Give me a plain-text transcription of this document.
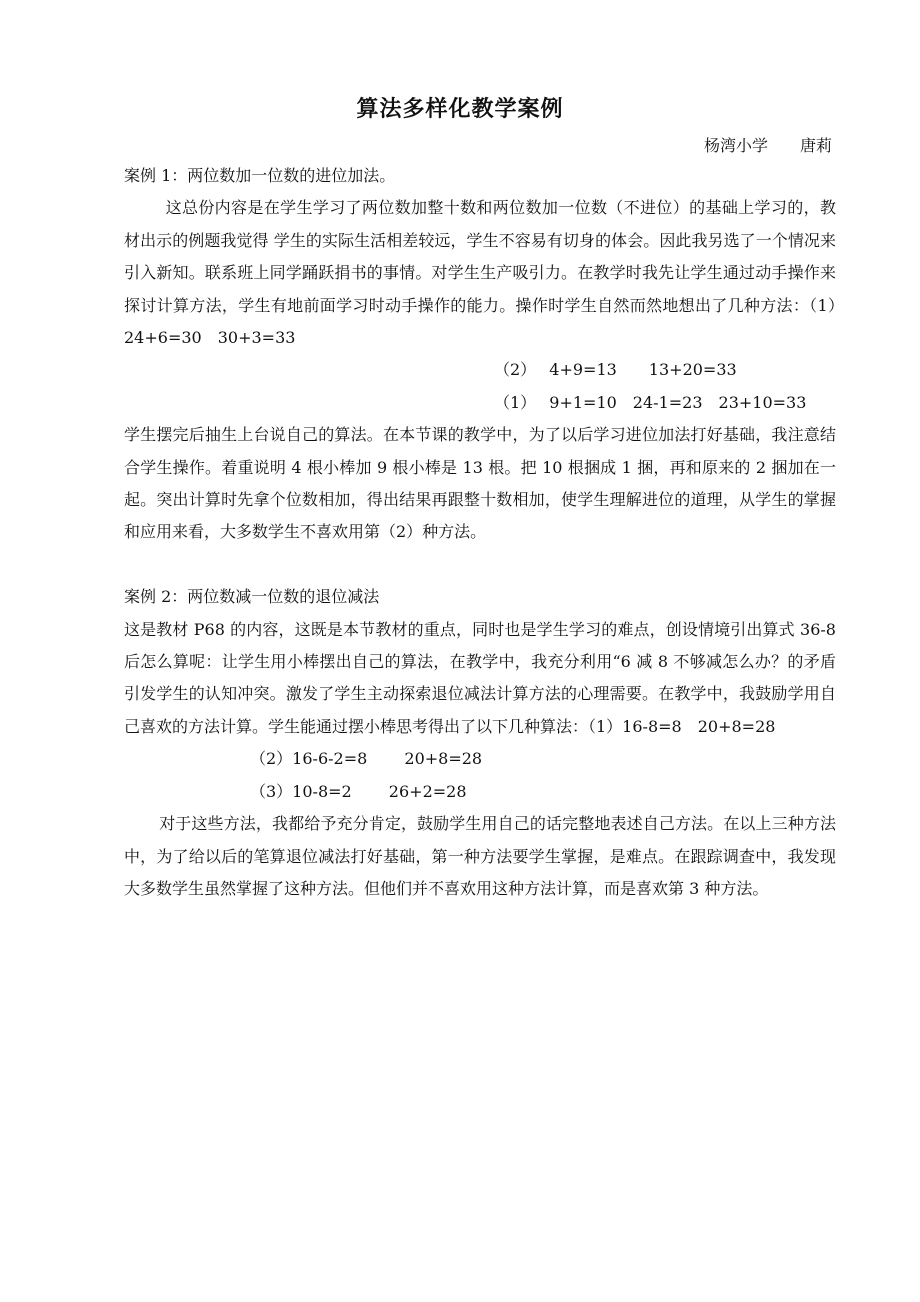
算法多样化教学案例
杨湾小学　　唐莉

案例 1：两位数加一位数的进位加法。

这总份内容是在学生学习了两位数加整十数和两位数加一位数（不进位）的基础上学习的，教材出示的例题我觉得 学生的实际生活相差较远，学生不容易有切身的体会。因此我另选了一个情况来引入新知。联系班上同学踊跃捐书的事情。对学生生产吸引力。在教学时我先让学生通过动手操作来探讨计算方法，学生有地前面学习时动手操作的能力。操作时学生自然而然地想出了几种方法：（1）　 24+6=30　30+3=33

（2）　 4+9=13　　13+20=33

（1）　 9+1=10　24-1=23　23+10=33

学生摆完后抽生上台说自己的算法。在本节课的教学中，为了以后学习进位加法打好基础，我注意结合学生操作。着重说明 4 根小棒加 9 根小棒是 13 根。把 10 根捆成 1 捆，再和原来的 2 捆加在一起。突出计算时先拿个位数相加，得出结果再跟整十数相加，使学生理解进位的道理，从学生的掌握和应用来看，大多数学生不喜欢用第（2）种方法。

案例 2：两位数减一位数的退位减法

这是教材 P68 的内容，这既是本节教材的重点，同时也是学生学习的难点，创设情境引出算式 36-8 后怎么算呢：让学生用小棒摆出自己的算法，在教学中，我充分利用“6 减 8 不够减怎么办？的矛盾引发学生的认知冲突。激发了学生主动探索退位减法计算方法的心理需要。在教学中，我鼓励学用自己喜欢的方法计算。学生能通过摆小棒思考得出了以下几种算法：（1）16-8=8　20+8=28

（2）16-6-2=8　　 20+8=28

（3）10-8=2　　 26+2=28

对于这些方法，我都给予充分肯定，鼓励学生用自己的话完整地表述自己方法。在以上三种方法中，为了给以后的笔算退位减法打好基础，第一种方法要学生掌握，是难点。在跟踪调查中，我发现大多数学生虽然掌握了这种方法。但他们并不喜欢用这种方法计算，而是喜欢第 3 种方法。
